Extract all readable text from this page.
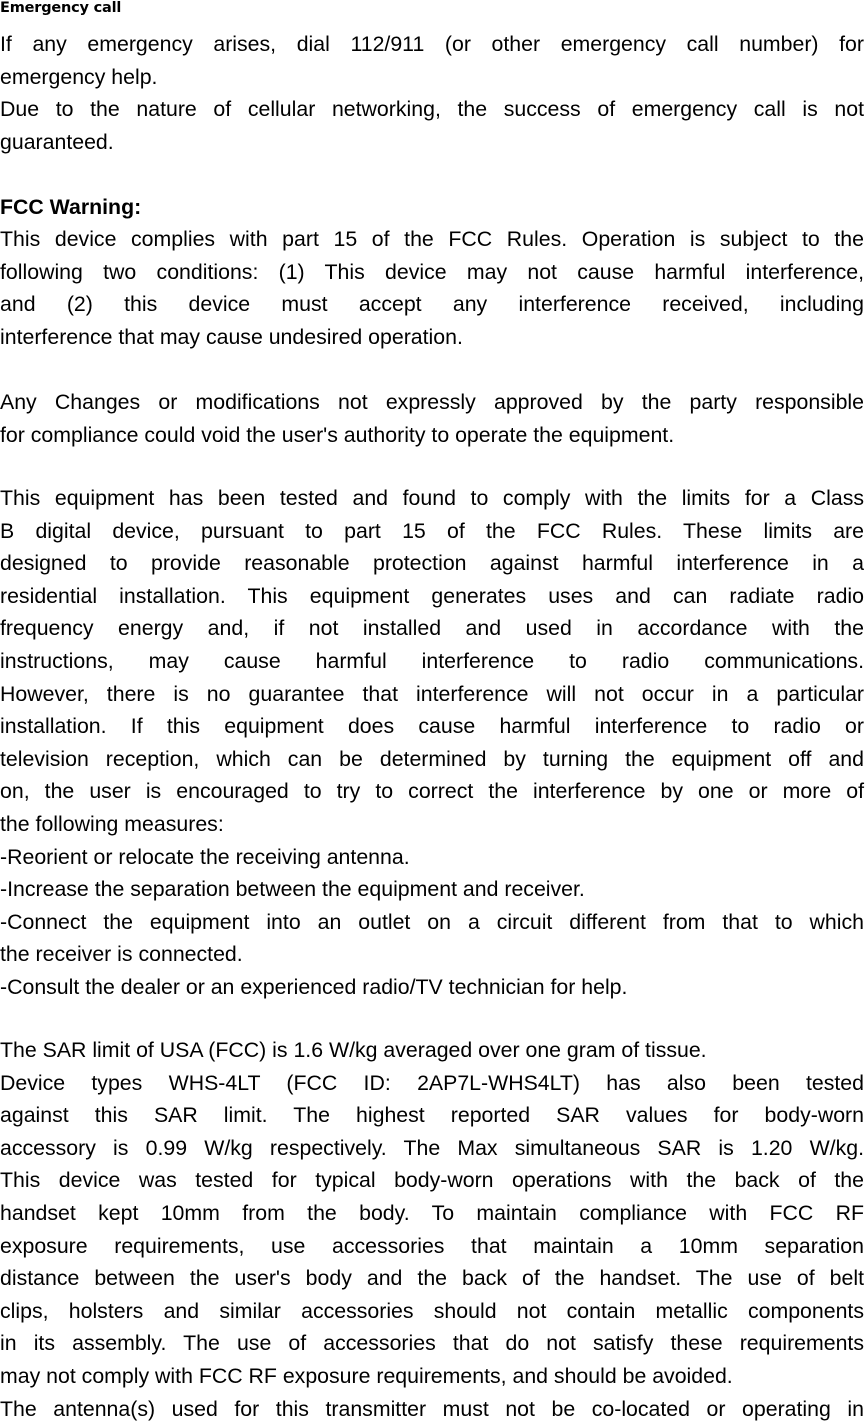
Emergency call
If any emergency arises, dial 112/911 (or other emergency call number) for
emergency help.
Due to the nature of cellular networking, the success of emergency call is not
guaranteed.
FCC Warning:
This device complies with part 15 of the FCC Rules. Operation is subject to the
following two conditions: (1) This device may not cause harmful interference,
and (2) this device must accept any interference received, including
interference that may cause undesired operation.
Any Changes or modifications not expressly approved by the party responsible
for compliance could void the user's authority to operate the equipment.
This equipment has been tested and found to comply with the limits for a Class
B digital device, pursuant to part 15 of the FCC Rules. These limits are
designed to provide reasonable protection against harmful interference in a
residential installation. This equipment generates uses and can radiate radio
frequency energy and, if not installed and used in accordance with the
instructions, may cause harmful interference to radio communications.
However, there is no guarantee that interference will not occur in a particular
installation. If this equipment does cause harmful interference to radio or
television reception, which can be determined by turning the equipment off and
on, the user is encouraged to try to correct the interference by one or more of
the following measures:
-Reorient or relocate the receiving antenna.
-Increase the separation between the equipment and receiver.
-Connect the equipment into an outlet on a circuit different from that to which
the receiver is connected.
-Consult the dealer or an experienced radio/TV technician for help.
The SAR limit of USA (FCC) is 1.6 W/kg averaged over one gram of tissue.
Device types WHS-4LT (FCC ID: 2AP7L-WHS4LT) has also been tested
against this SAR limit. The highest reported SAR values for body-worn
accessory is 0.99 W/kg respectively. The Max simultaneous SAR is 1.20 W/kg.
This device was tested for typical body-worn operations with the back of the
handset kept 10mm from the body. To maintain compliance with FCC RF
exposure requirements, use accessories that maintain a 10mm separation
distance between the user's body and the back of the handset. The use of belt
clips, holsters and similar accessories should not contain metallic components
in its assembly. The use of accessories that do not satisfy these requirements
may not comply with FCC RF exposure requirements, and should be avoided.
The antenna(s) used for this transmitter must not be co-located or operating in
